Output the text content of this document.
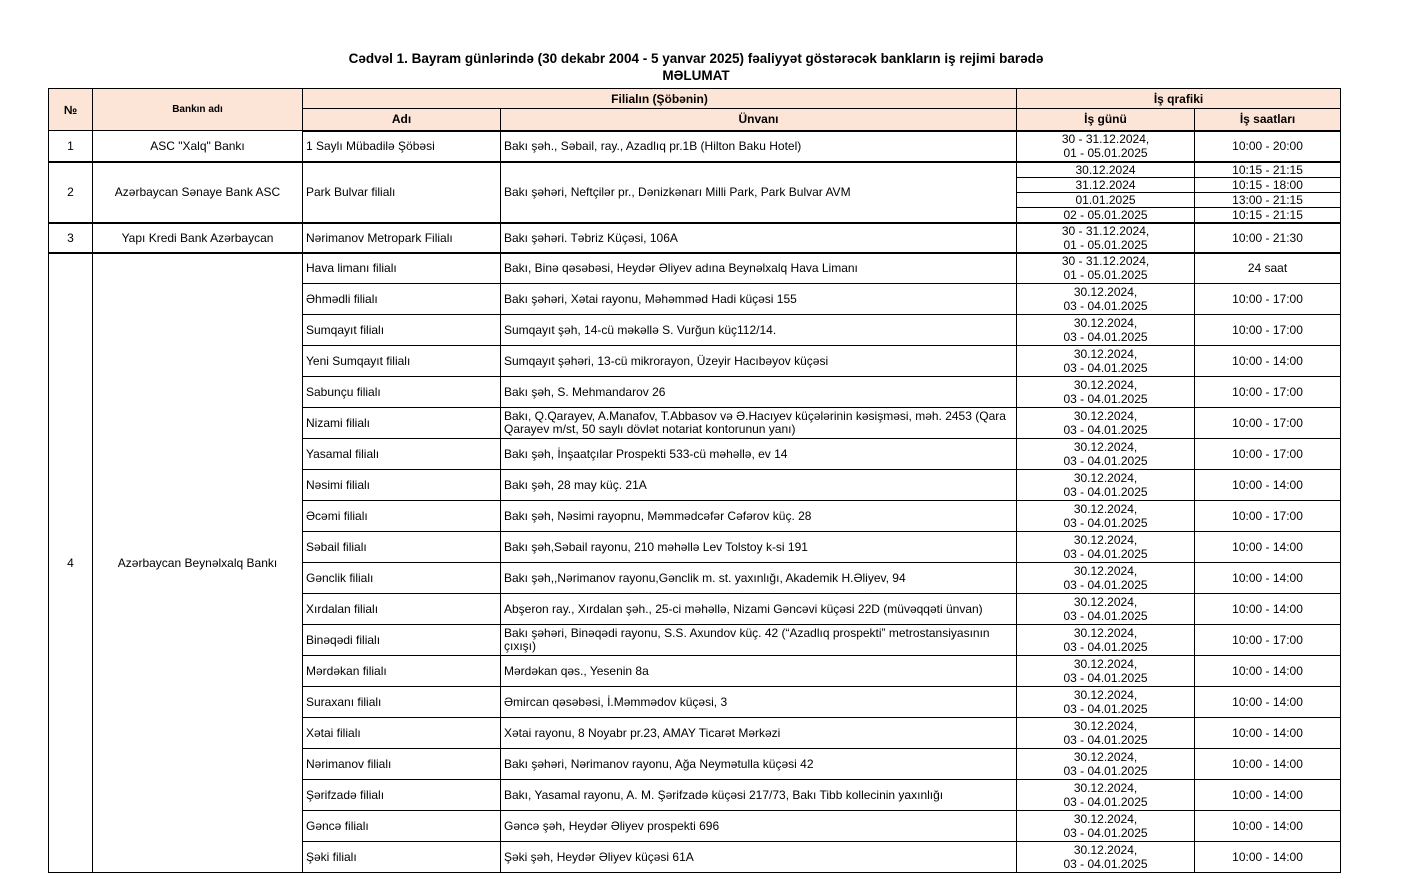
Cədvəl 1. Bayram günlərində (30 dekabr 2004 - 5 yanvar 2025) fəaliyyət göstərəcək bankların iş rejimi barədə
MƏLUMAT
№	Bankın adı	Filialın (Şöbənin)		İş qrafiki	
		Adı	Ünvanı	İş günü	İş saatları
1	ASC "Xalq" Bankı	1 Saylı Mübadilə Şöbəsi	Bakı şəh., Səbail, ray., Azadlıq pr.1B (Hilton Baku Hotel)	30 - 31.12.2024,
01 - 05.01.2025	10:00 - 20:00
2	Azərbaycan Sənaye Bank ASC	Park Bulvar filialı	Bakı şəhəri, Neftçilər pr., Dənizkənarı Milli Park, Park Bulvar AVM	30.12.2024	10:15 - 21:15
				31.12.2024	10:15 - 18:00
				01.01.2025	13:00 - 21:15
				02 - 05.01.2025	10:15 - 21:15
3	Yapı Kredi Bank Azərbaycan	Nərimanov Metropark Filialı	Bakı şəhəri. Təbriz Küçəsi, 106A	30 - 31.12.2024,
01 - 05.01.2025	10:00 - 21:30
4	Azərbaycan Beynəlxalq Bankı	Hava limanı filialı	Bakı, Binə qəsəbəsi, Heydər Əliyev adına Beynəlxalq Hava Limanı	30 - 31.12.2024,
01 - 05.01.2025	24 saat
		Əhmədli filialı	Bakı şəhəri, Xətai rayonu, Məhəmməd Hadi küçəsi 155	30.12.2024,
03 - 04.01.2025	10:00 - 17:00
		Sumqayıt filialı	Sumqayıt şəh, 14-cü məkəllə S. Vurğun küç112/14.	30.12.2024,
03 - 04.01.2025	10:00 - 17:00
		Yeni Sumqayıt filialı	Sumqayıt şəhəri, 13-cü mikrorayon, Üzeyir Hacıbəyov küçəsi	30.12.2024,
03 - 04.01.2025	10:00 - 14:00
		Sabunçu filialı	Bakı şəh, S. Mehmandarov 26	30.12.2024,
03 - 04.01.2025	10:00 - 17:00
		Nizami filialı	Bakı, Q.Qarayev, A.Manafov, T.Abbasov və Ə.Hacıyev küçələrinin kəsişməsi, məh. 2453 (Qara Qarayev m/st, 50 saylı dövlət notariat kontorunun yanı)	30.12.2024,
03 - 04.01.2025	10:00 - 17:00
		Yasamal filialı	Bakı şəh, İnşaatçılar Prospekti 533-cü məhəllə, ev 14	30.12.2024,
03 - 04.01.2025	10:00 - 17:00
		Nəsimi filialı	Bakı şəh, 28 may küç. 21A	30.12.2024,
03 - 04.01.2025	10:00 - 14:00
		Əcəmi filialı	Bakı şəh, Nəsimi rayopnu, Məmmədcəfər Cəfərov küç. 28	30.12.2024,
03 - 04.01.2025	10:00 - 17:00
		Səbail filialı	Bakı şəh,Səbail rayonu, 210 məhəllə Lev Tolstoy k-si 191	30.12.2024,
03 - 04.01.2025	10:00 - 14:00
		Gənclik filialı	Bakı şəh,,Nərimanov rayonu,Gənclik m. st. yaxınlığı, Akademik H.Əliyev, 94	30.12.2024,
03 - 04.01.2025	10:00 - 14:00
		Xırdalan filialı	Abşeron ray., Xırdalan şəh., 25-ci məhəllə, Nizami Gəncəvi küçəsi 22D (müvəqqəti ünvan)	30.12.2024,
03 - 04.01.2025	10:00 - 14:00
		Binəqədi filialı	Bakı şəhəri, Binəqədi rayonu, S.S. Axundov küç. 42 (“Azadlıq prospekti” metrostansiyasının çıxışı)	30.12.2024,
03 - 04.01.2025	10:00 - 17:00
		Mərdəkan filialı	Mərdəkan qəs., Yesenin 8a	30.12.2024,
03 - 04.01.2025	10:00 - 14:00
		Suraxanı filialı	Əmircan qəsəbəsi, İ.Məmmədov küçəsi, 3	30.12.2024,
03 - 04.01.2025	10:00 - 14:00
		Xətai filialı	Xətai rayonu, 8 Noyabr pr.23, AMAY Ticarət Mərkəzi	30.12.2024,
03 - 04.01.2025	10:00 - 14:00
		Nərimanov filialı	Bakı şəhəri, Nərimanov rayonu, Ağa Neymətulla küçəsi 42	30.12.2024,
03 - 04.01.2025	10:00 - 14:00
		Şərifzadə filialı	Bakı, Yasamal rayonu, A. M. Şərifzadə küçəsi 217/73, Bakı Tibb kollecinin yaxınlığı	30.12.2024,
03 - 04.01.2025	10:00 - 14:00
		Gəncə filialı	Gəncə şəh, Heydər Əliyev prospekti 696	30.12.2024,
03 - 04.01.2025	10:00 - 14:00
		Şəki filialı	Şəki şəh, Heydər Əliyev küçəsi 61A	30.12.2024,
03 - 04.01.2025	10:00 - 14:00
